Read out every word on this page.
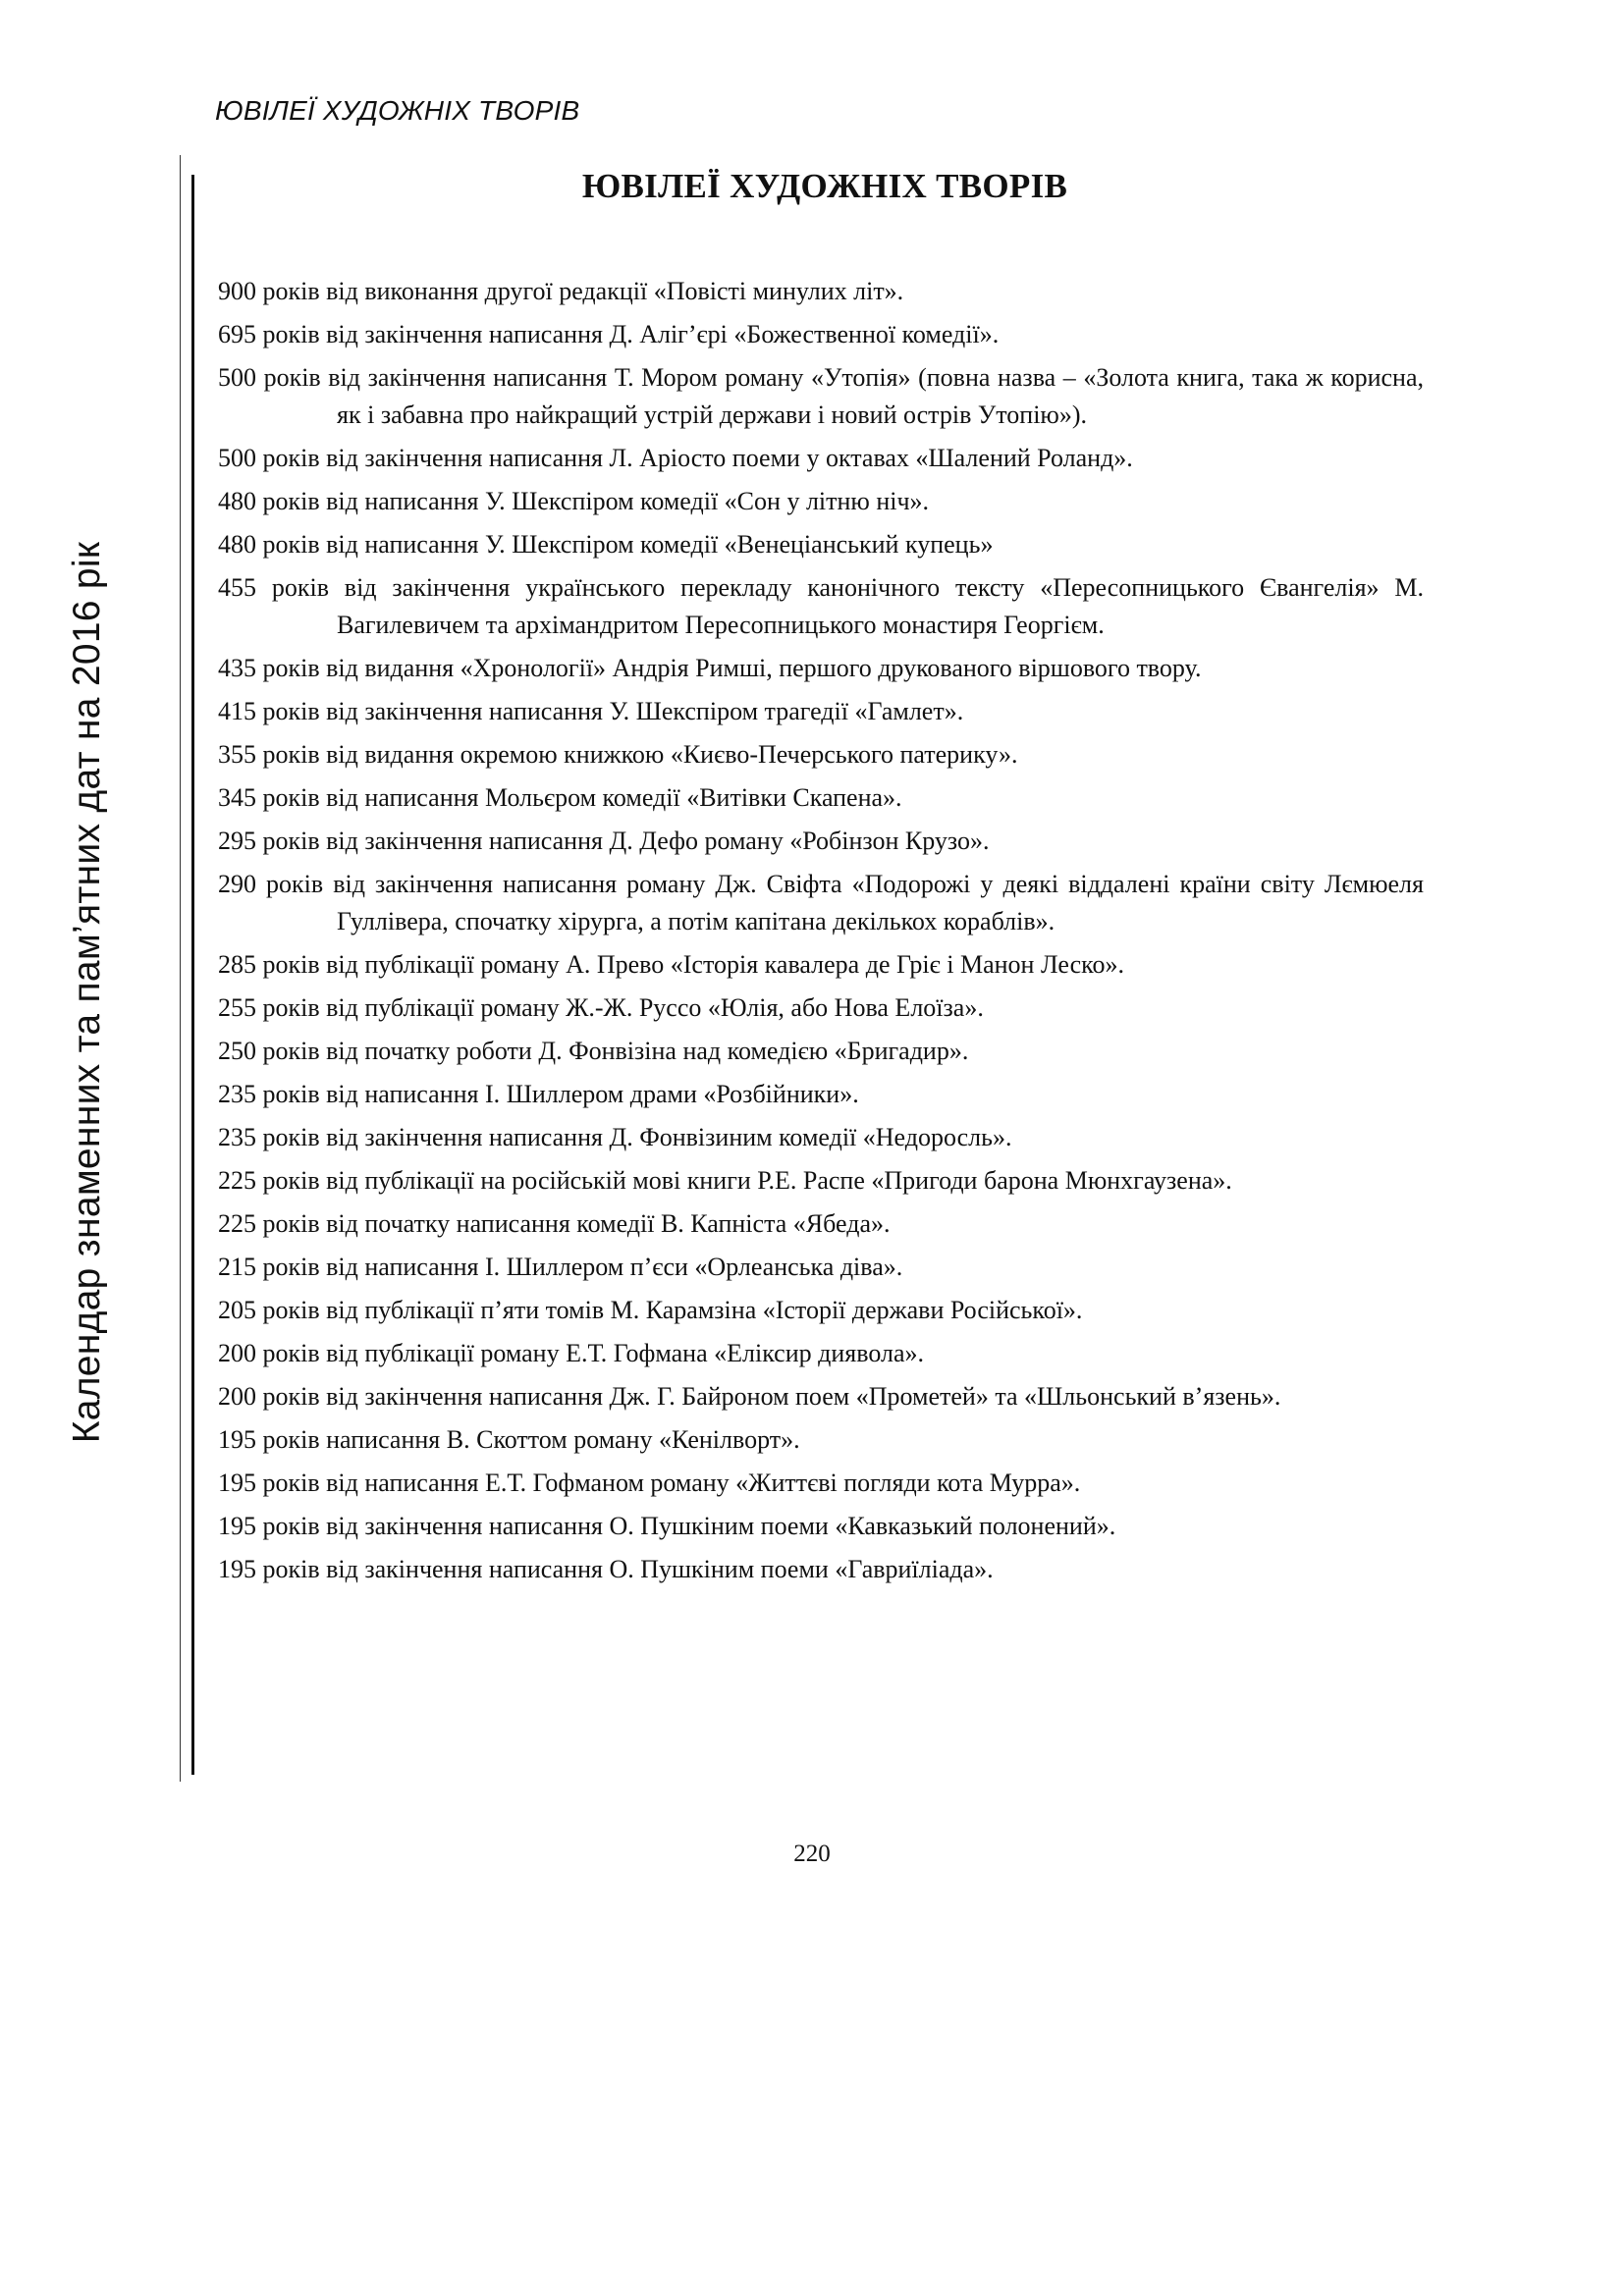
ЮВІЛЕЇ ХУДОЖНІХ ТВОРІВ
Календар знаменних та пам’ятних дат на 2016 рік
ЮВІЛЕЇ ХУДОЖНІХ ТВОРІВ
900 років від виконання другої редакції «Повісті минулих літ».
695 років від закінчення написання Д. Аліг’єрі «Божественної комедії».
500 років від закінчення написання Т. Мором роману «Утопія» (повна назва – «Золота книга, така ж корисна, як і забавна про найкращий устрій держави і новий острів Утопію»).
500 років від закінчення написання Л. Аріосто поеми у октавах «Шалений Роланд».
480 років від написання У. Шекспіром комедії «Сон у літню ніч».
480 років від написання У. Шекспіром комедії «Венеціанський купець»
455 років від закінчення українського перекладу канонічного тексту «Пересопницького Євангелія» М. Вагилевичем та архімандритом Пересопницького монастиря Георгієм.
435 років від видання «Хронології» Андрія Римші, першого друкованого віршового твору.
415 років від закінчення написання У. Шекспіром трагедії «Гамлет».
355 років від видання окремою книжкою «Києво-Печерського патерику».
345 років від написання Мольєром комедії «Витівки Скапена».
295 років від закінчення написання Д. Дефо роману «Робінзон Крузо».
290 років від закінчення написання роману Дж. Свіфта «Подорожі у деякі віддалені країни світу Лємюеля Гуллівера, спочатку хірурга, а потім капітана декількох кораблів».
285 років від публікації роману А. Прево «Історія кавалера де Гріє і Манон Леско».
255 років від публікації роману Ж.-Ж. Руссо «Юлія, або Нова Елоїза».
250 років від початку роботи Д. Фонвізіна над комедією «Бригадир».
235 років від написання І. Шиллером драми «Розбійники».
235 років від закінчення написання Д. Фонвізиним комедії «Недоросль».
225 років від публікації на російській мові книги Р.Е. Распе «Пригоди барона Мюнхгаузена».
225 років від початку написання комедії В. Капніста «Ябеда».
215 років від написання І. Шиллером п’єси «Орлеанська діва».
205 років від публікації п’яти томів М. Карамзіна «Історії держави Російської».
200 років від публікації роману Е.Т. Гофмана «Еліксир диявола».
200 років від закінчення написання Дж. Г. Байроном поем «Прометей» та «Шльонський в’язень».
195 років написання В. Скоттом роману «Кенілворт».
195 років від написання Е.Т. Гофманом роману «Життєві погляди кота Мурра».
195 років від закінчення написання О. Пушкіним поеми «Кавказький полонений».
195 років від закінчення написання О. Пушкіним поеми «Гавриїліада».
220
